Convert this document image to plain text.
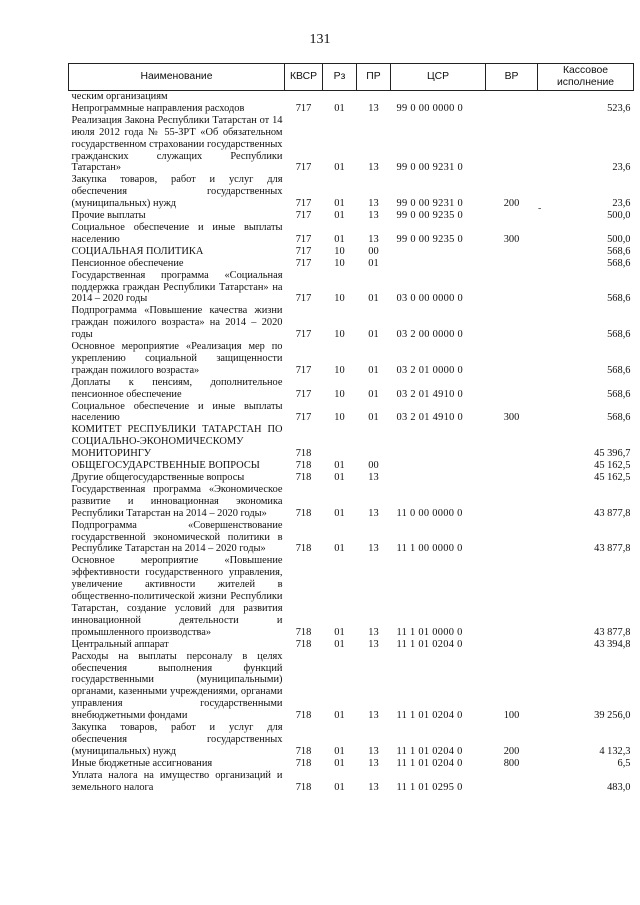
131
Наименование	КВСР	Рз	ПР	ЦСР	ВР	Кассовое исполнение
ческим организациям						
Непрограммные направления расходов	717	01	13	99 0 00 0000 0		523,6
Реализация Закона Республики Татарстан от 14 июля 2012 года № 55-ЗРТ «Об обязательном государственном страховании государственных гражданских служащих Республики Татарстан»	717	01	13	99 0 00 9231 0		23,6
Закупка товаров, работ и услуг для обеспечения государственных (муниципальных) нужд	717	01	13	99 0 00 9231 0	200	23,6
Прочие выплаты	717	01	13	99 0 00 9235 0		500,0
Социальное обеспечение и иные выплаты населению	717	01	13	99 0 00 9235 0	300	500,0
СОЦИАЛЬНАЯ ПОЛИТИКА	717	10	00			568,6
Пенсионное обеспечение	717	10	01			568,6
Государственная программа «Социальная поддержка граждан Республики Татарстан» на 2014 – 2020 годы	717	10	01	03 0 00 0000 0		568,6
Подпрограмма «Повышение качества жизни граждан пожилого возраста» на 2014 – 2020 годы	717	10	01	03 2 00 0000 0		568,6
Основное мероприятие «Реализация мер по укреплению социальной защищенности граждан пожилого возраста»	717	10	01	03 2 01 0000 0		568,6
Доплаты к пенсиям, дополнительное пенсионное обеспечение	717	10	01	03 2 01 4910 0		568,6
Социальное обеспечение и иные выплаты населению	717	10	01	03 2 01 4910 0	300	568,6
КОМИТЕТ РЕСПУБЛИКИ ТАТАРСТАН ПО СОЦИАЛЬНО-ЭКОНОМИЧЕСКОМУ МОНИТОРИНГУ	718					45 396,7
ОБЩЕГОСУДАРСТВЕННЫЕ ВОПРОСЫ	718	01	00			45 162,5
Другие общегосударственные вопросы	718	01	13			45 162,5
Государственная программа «Экономическое развитие и инновационная экономика Республики Татарстан на 2014 – 2020 годы»	718	01	13	11 0 00 0000 0		43 877,8
Подпрограмма «Совершенствование государственной экономической политики в Республике Татарстан на 2014 – 2020 годы»	718	01	13	11 1 00 0000 0		43 877,8
Основное мероприятие «Повышение эффективности государственного управления, увеличение активности жителей в общественно-политической жизни Республики Татарстан, создание условий для развития инновационной деятельности и промышленного производства»	718	01	13	11 1 01 0000 0		43 877,8
Центральный аппарат	718	01	13	11 1 01 0204 0		43 394,8
Расходы на выплаты персоналу в целях обеспечения выполнения функций государственными (муниципальными) органами, казенными учреждениями, органами управления государственными внебюджетными фондами	718	01	13	11 1 01 0204 0	100	39 256,0
Закупка товаров, работ и услуг для обеспечения государственных (муниципальных) нужд	718	01	13	11 1 01 0204 0	200	4 132,3
Иные бюджетные ассигнования	718	01	13	11 1 01 0204 0	800	6,5
Уплата налога на имущество организаций и земельного налога	718	01	13	11 1 01 0295 0		483,0
-
